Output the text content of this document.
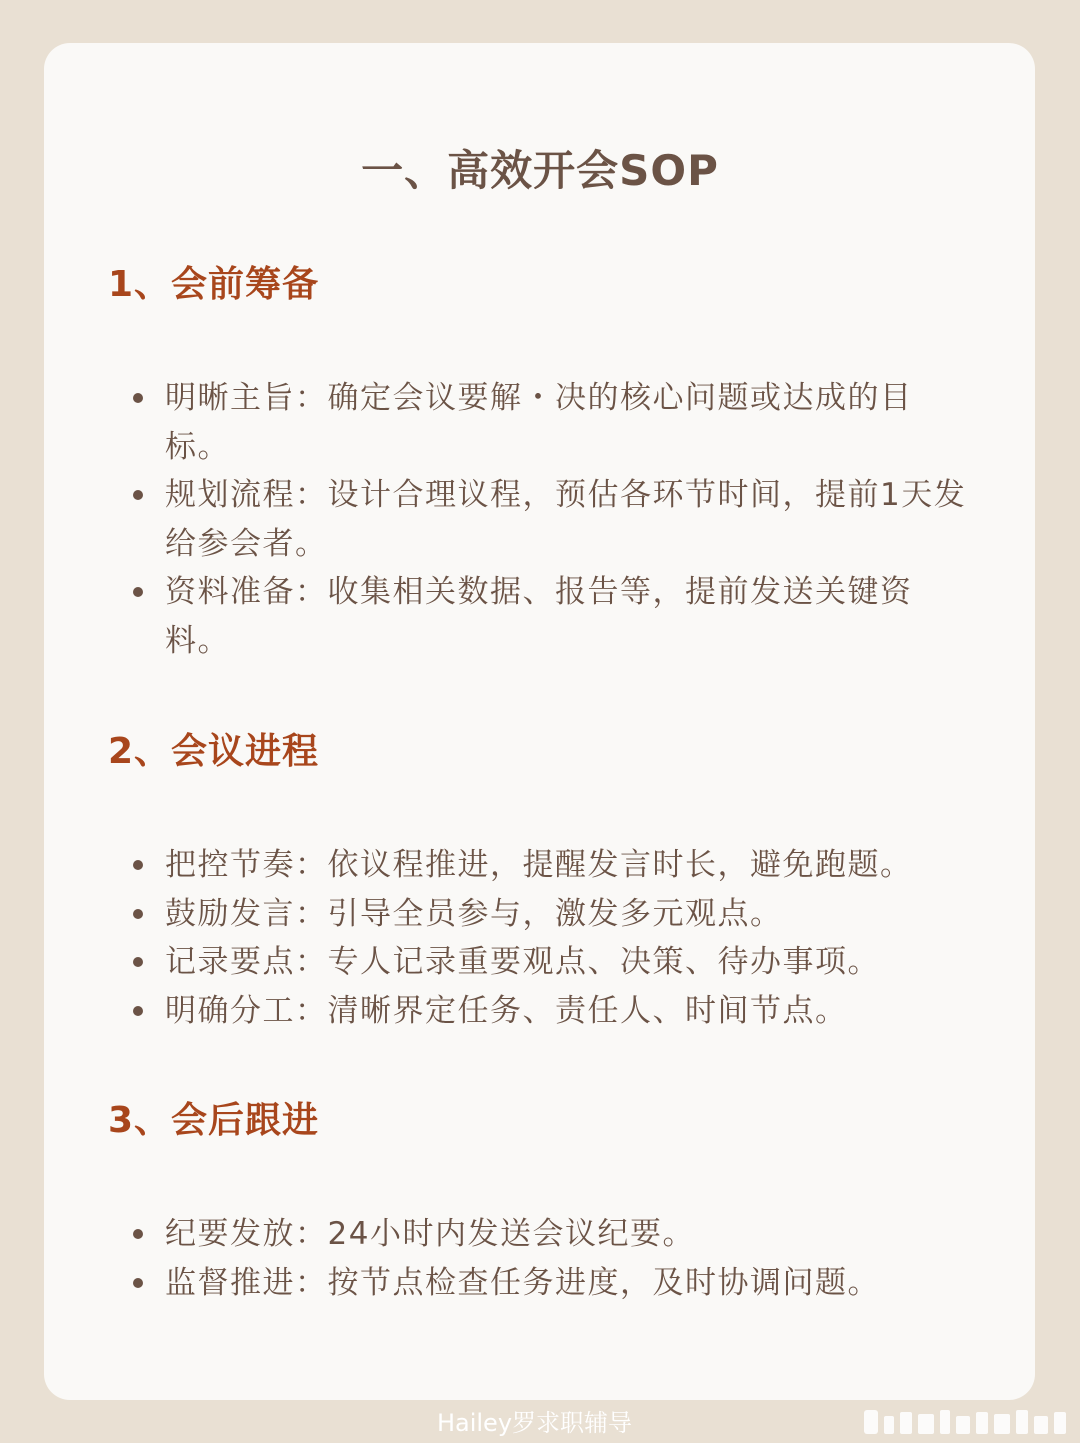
一、高效开会SOP
1、会前筹备
明晰主旨：确定会议要解・决的核心问题或达成的目标。
规划流程：设计合理议程，预估各环节时间，提前1天发给参会者。
资料准备：收集相关数据、报告等，提前发送关键资料。
2、会议进程
把控节奏：依议程推进，提醒发言时长，避免跑题。
鼓励发言：引导全员参与，激发多元观点。
记录要点：专人记录重要观点、决策、待办事项。
明确分工：清晰界定任务、责任人、时间节点。
3、会后跟进
纪要发放：24小时内发送会议纪要。
监督推进：按节点检查任务进度，及时协调问题。
Hailey罗求职辅导
